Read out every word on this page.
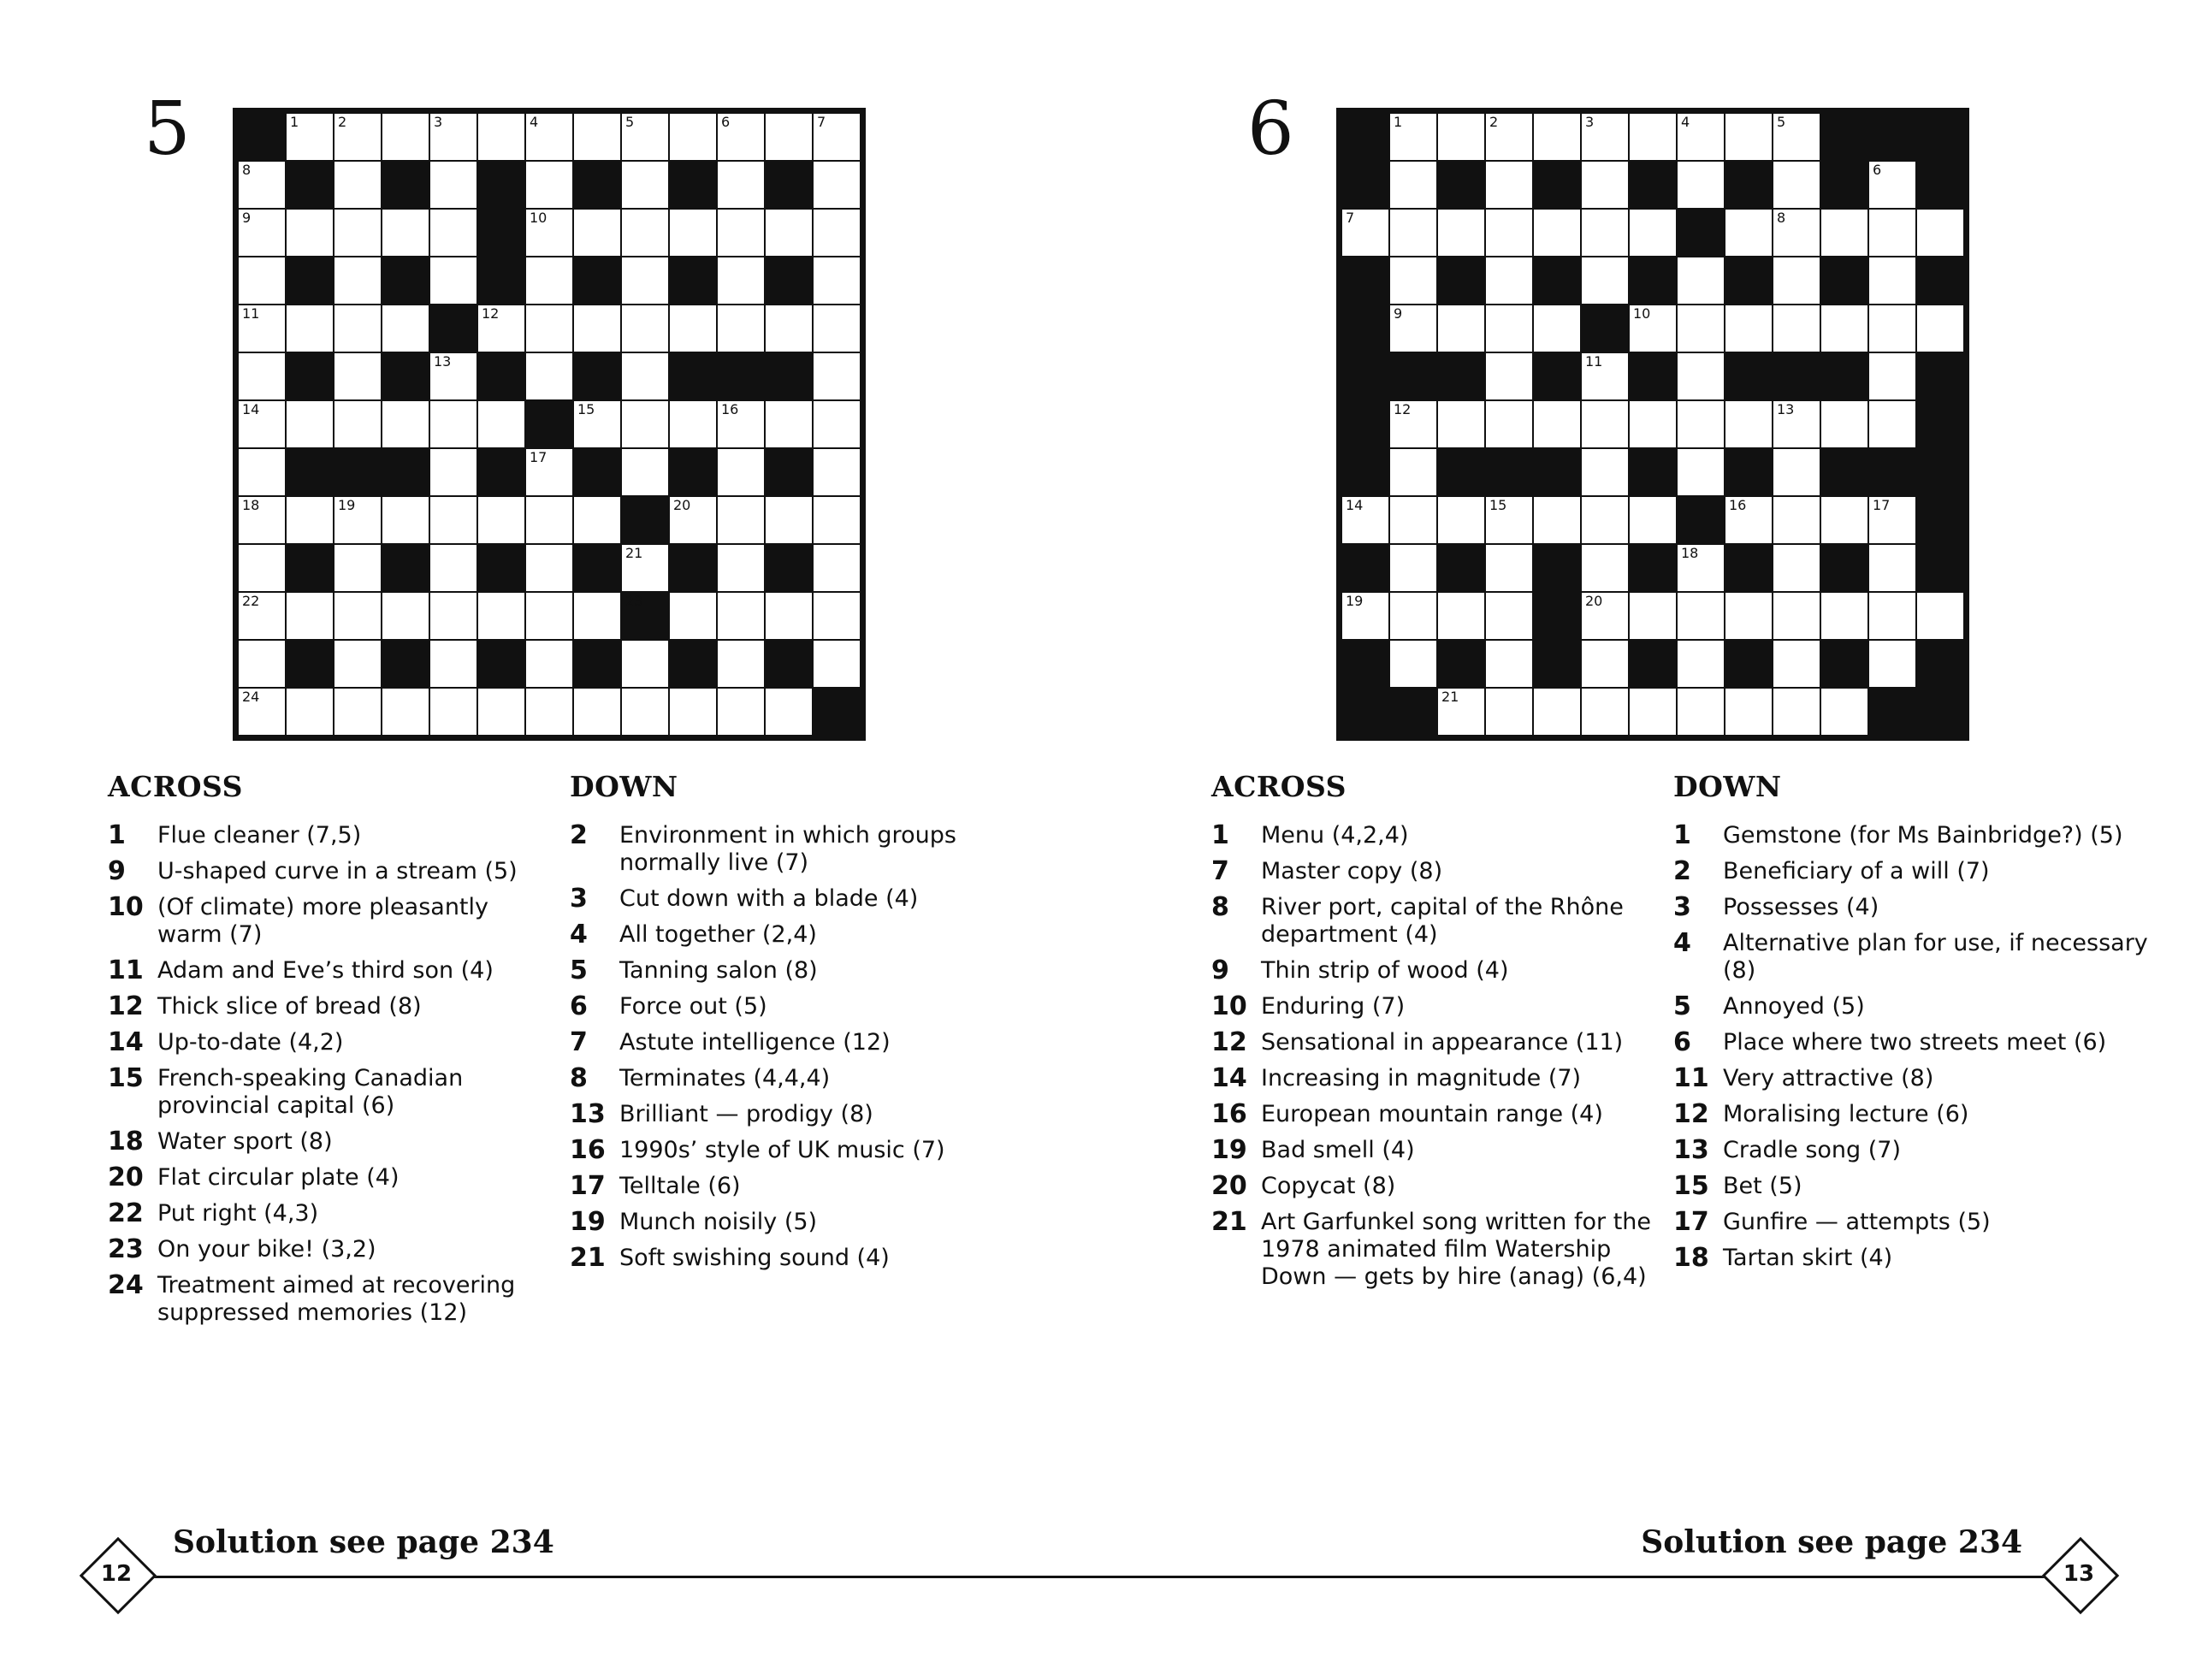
5	1	2	3	4	5	6	7
8
9	10
11	12
13
14	15	16
17
18	19	20
21
22	23
24
ACROSS
1 Flue cleaner (7,5)
9 U-shaped curve in a stream (5)
10 (Of climate) more pleasantly warm (7)
11 Adam and Eve’s third son (4)
12 Thick slice of bread (8)
14 Up-to-date (4,2)
15 French-speaking Canadian provincial capital (6)
18 Water sport (8)
20 Flat circular plate (4)
22 Put right (4,3)
23 On your bike! (3,2)
24 Treatment aimed at recovering suppressed memories (12)
DOWN
2 Environment in which groups normally live (7)
3 Cut down with a blade (4)
4 All together (2,4)
5 Tanning salon (8)
6 Force out (5)
7 Astute intelligence (12)
8 Terminates (4,4,4)
13 Brilliant — prodigy (8)
16 1990s’ style of UK music (7)
17 Telltale (6)
19 Munch noisily (5)
21 Soft swishing sound (4)
6	1	2	3	4	5
6
7	8
9	10
11
12	13
14	15	16	17
18
19	20
21
ACROSS
1 Menu (4,2,4)
7 Master copy (8)
8 River port, capital of the Rhône department (4)
9 Thin strip of wood (4)
10 Enduring (7)
12 Sensational in appearance (11)
14 Increasing in magnitude (7)
16 European mountain range (4)
19 Bad smell (4)
20 Copycat (8)
21 Art Garfunkel song written for the 1978 animated film Watership Down — gets by hire (anag) (6,4)
DOWN
1 Gemstone (for Ms Bainbridge?) (5)
2 Beneficiary of a will (7)
3 Possesses (4)
4 Alternative plan for use, if necessary (8)
5 Annoyed (5)
6 Place where two streets meet (6)
11 Very attractive (8)
12 Moralising lecture (6)
13 Cradle song (7)
15 Bet (5)
17 Gunfire — attempts (5)
18 Tartan skirt (4)
Solution see page 234	Solution see page 234
12	13
